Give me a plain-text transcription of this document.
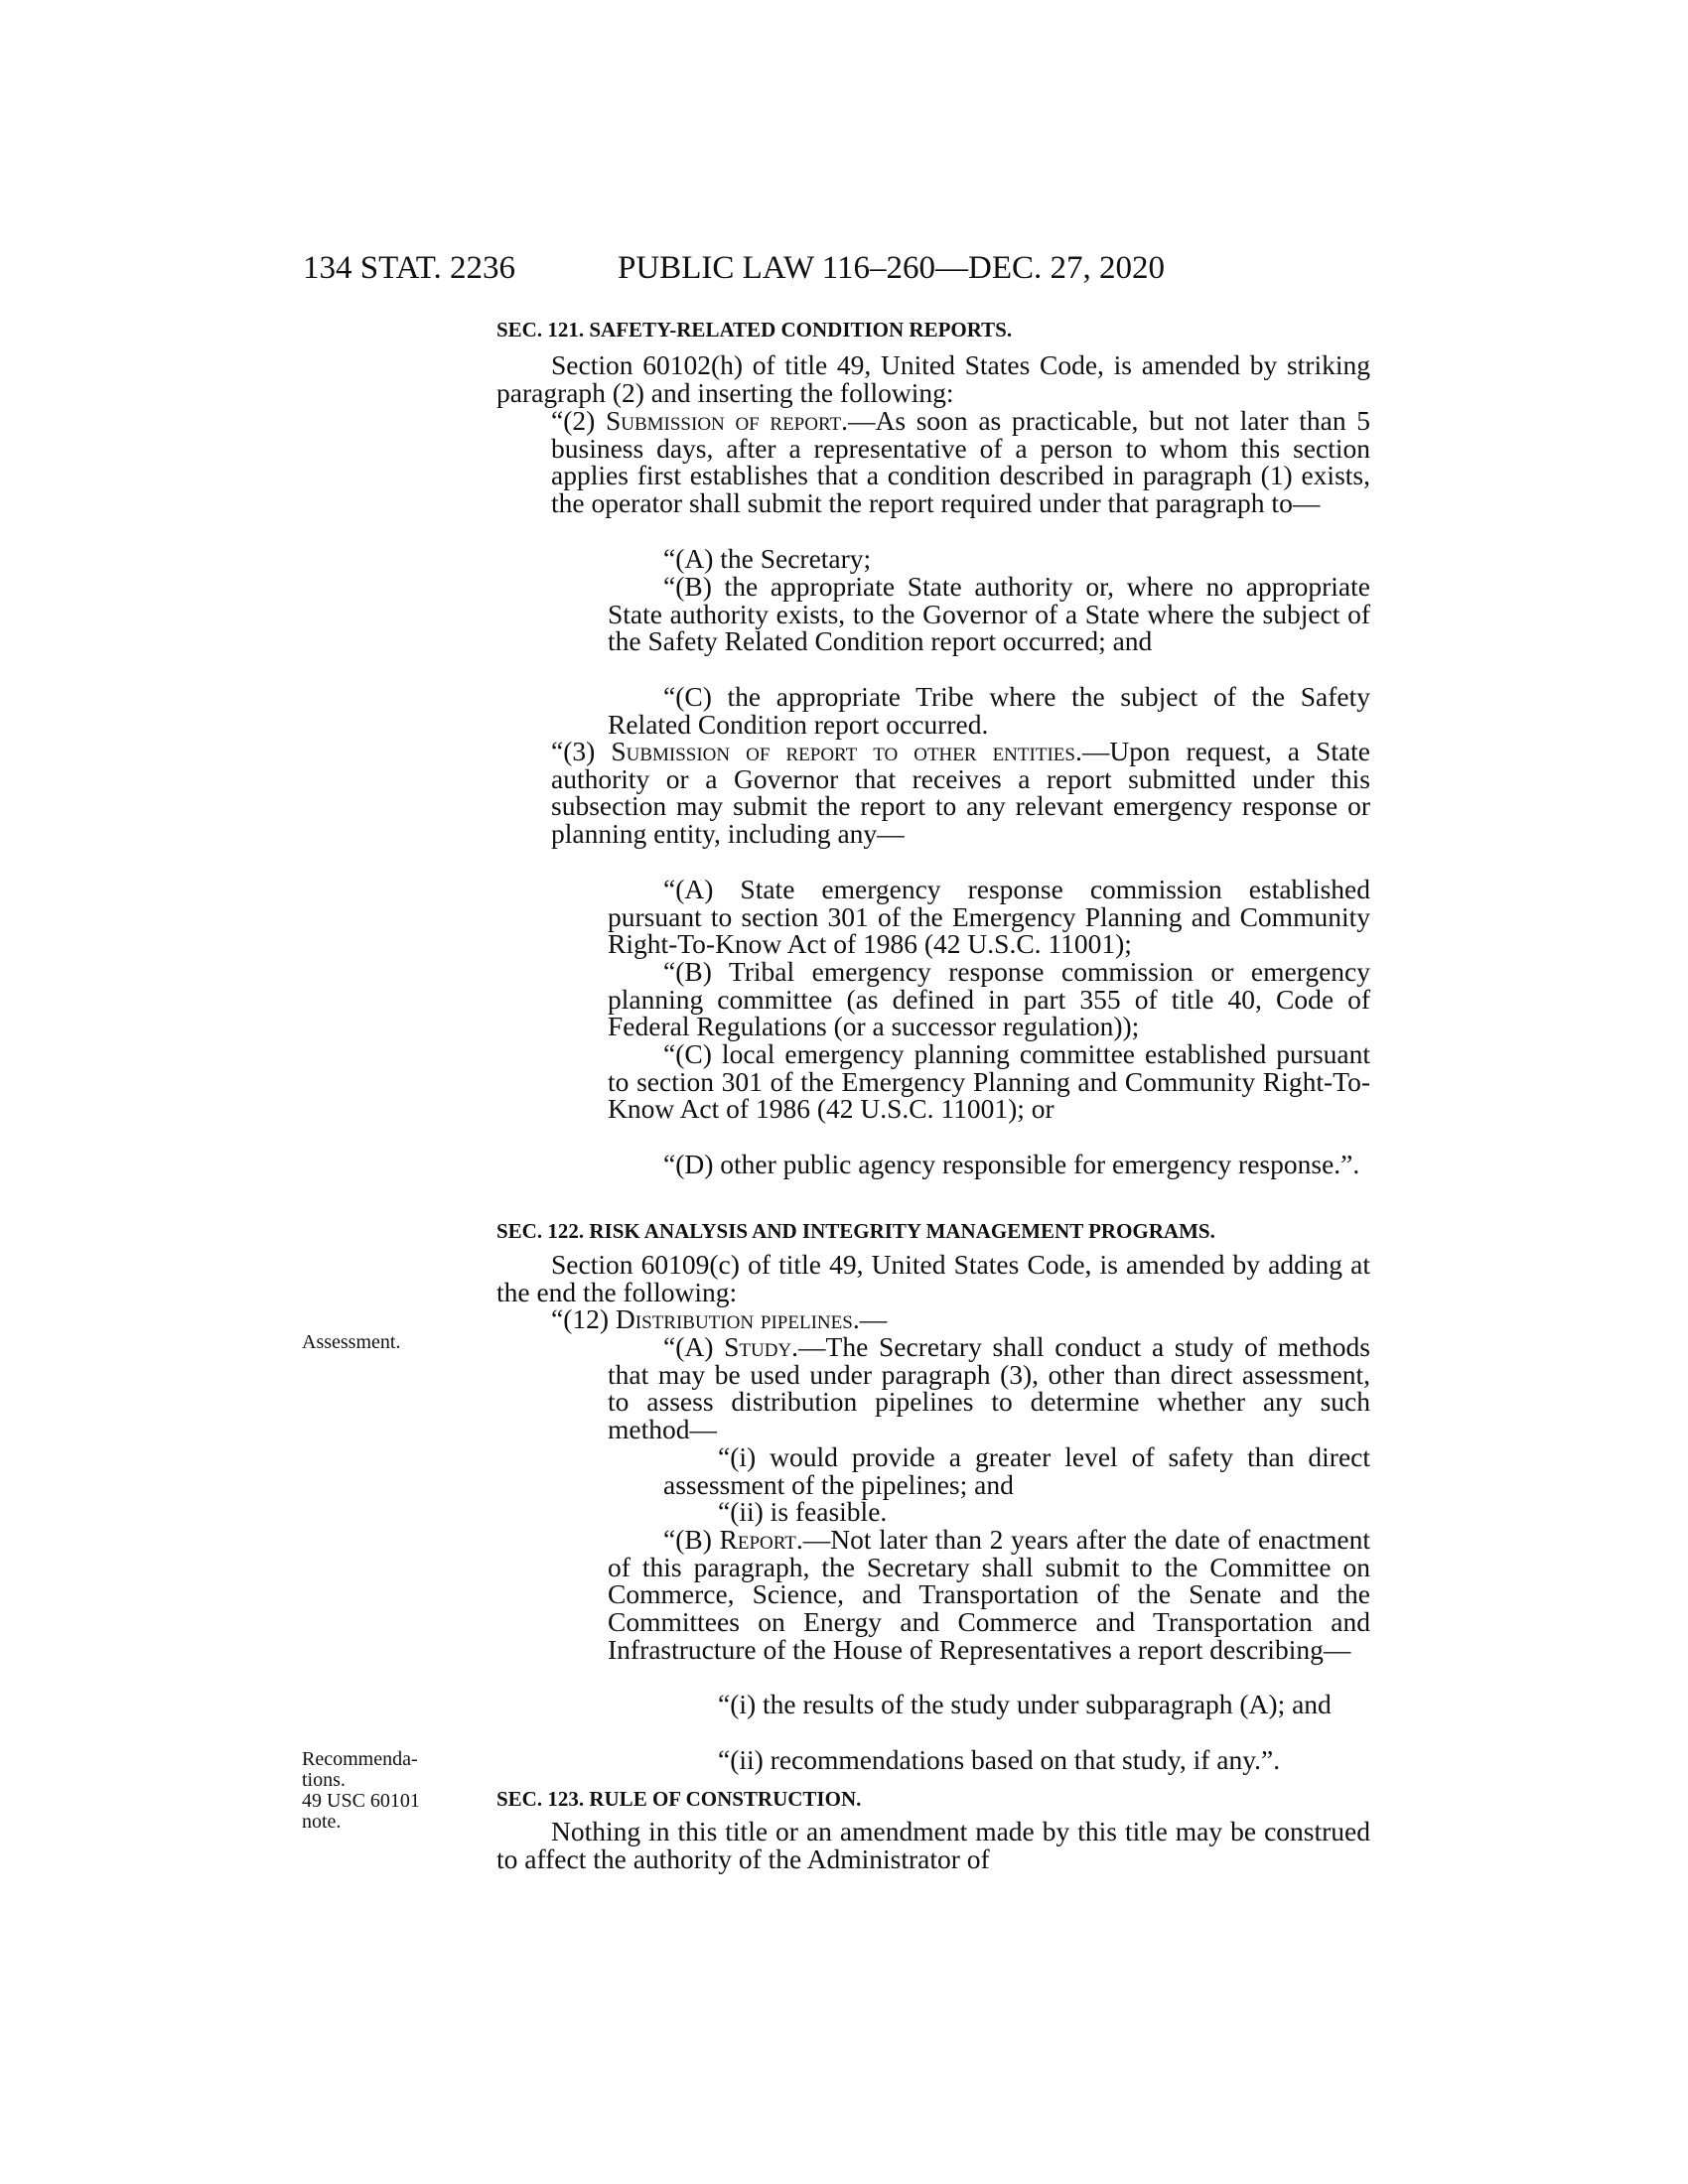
134 STAT. 2236	PUBLIC LAW 116–260—DEC. 27, 2020
SEC. 121. SAFETY-RELATED CONDITION REPORTS.

Section 60102(h) of title 49, United States Code, is amended by striking paragraph (2) and inserting the following:

“(2) Submission of report.—As soon as practicable, but not later than 5 business days, after a representative of a person to whom this section applies first establishes that a condition described in paragraph (1) exists, the operator shall submit the report required under that paragraph to—

“(A) the Secretary;

“(B) the appropriate State authority or, where no appropriate State authority exists, to the Governor of a State where the subject of the Safety Related Condition report occurred; and

“(C) the appropriate Tribe where the subject of the Safety Related Condition report occurred.

“(3) Submission of report to other entities.—Upon request, a State authority or a Governor that receives a report submitted under this subsection may submit the report to any relevant emergency response or planning entity, including any—

“(A) State emergency response commission established pursuant to section 301 of the Emergency Planning and Community Right-To-Know Act of 1986 (42 U.S.C. 11001);

“(B) Tribal emergency response commission or emergency planning committee (as defined in part 355 of title 40, Code of Federal Regulations (or a successor regulation));

“(C) local emergency planning committee established pursuant to section 301 of the Emergency Planning and Community Right-To-Know Act of 1986 (42 U.S.C. 11001); or

“(D) other public agency responsible for emergency response.”.

SEC. 122. RISK ANALYSIS AND INTEGRITY MANAGEMENT PROGRAMS.

Section 60109(c) of title 49, United States Code, is amended by adding at the end the following:

“(12) Distribution pipelines.—

“(A) Study.—The Secretary shall conduct a study of methods that may be used under paragraph (3), other than direct assessment, to assess distribution pipelines to determine whether any such method—

“(i) would provide a greater level of safety than direct assessment of the pipelines; and

“(ii) is feasible.

“(B) Report.—Not later than 2 years after the date of enactment of this paragraph, the Secretary shall submit to the Committee on Commerce, Science, and Transportation of the Senate and the Committees on Energy and Commerce and Transportation and Infrastructure of the House of Representatives a report describing—

“(i) the results of the study under subparagraph (A); and

“(ii) recommendations based on that study, if any.”.

SEC. 123. RULE OF CONSTRUCTION.

Nothing in this title or an amendment made by this title may be construed to affect the authority of the Administrator of

Assessment.
Recommenda-
tions.
49 USC 60101
note.
